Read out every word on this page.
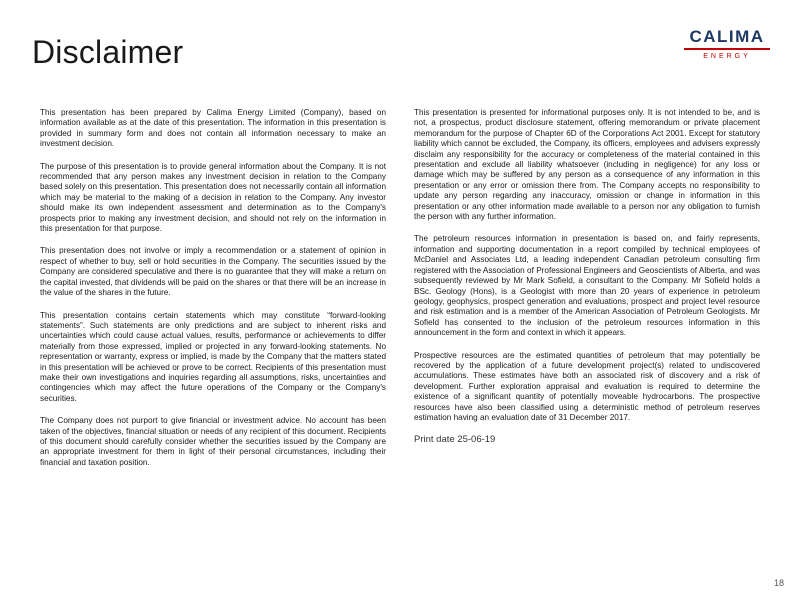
Disclaimer	CALIMA
ENERGY

This presentation has been prepared by Calima Energy Limited (Company), based on information available as at the date of this presentation. The information in this presentation is provided in summary form and does not contain all information necessary to make an investment decision.

The purpose of this presentation is to provide general information about the Company. It is not recommended that any person makes any investment decision in relation to the Company based solely on this presentation. This presentation does not necessarily contain all information which may be material to the making of a decision in relation to the Company. Any investor should make its own independent assessment and determination as to the Company's prospects prior to making any investment decision, and should not rely on the information in this presentation for that purpose.

This presentation does not involve or imply a recommendation or a statement of opinion in respect of whether to buy, sell or hold securities in the Company. The securities issued by the Company are considered speculative and there is no guarantee that they will make a return on the capital invested, that dividends will be paid on the shares or that there will be an increase in the value of the shares in the future.

This presentation contains certain statements which may constitute “forward-looking statements”. Such statements are only predictions and are subject to inherent risks and uncertainties which could cause actual values, results, performance or achievements to differ materially from those expressed, implied or projected in any forward-looking statements. No representation or warranty, express or implied, is made by the Company that the matters stated in this presentation will be achieved or prove to be correct. Recipients of this presentation must make their own investigations and inquiries regarding all assumptions, risks, uncertainties and contingencies which may affect the future operations of the Company or the Company's securities.

The Company does not purport to give financial or investment advice. No account has been taken of the objectives, financial situation or needs of any recipient of this document. Recipients of this document should carefully consider whether the securities issued by the Company are an appropriate investment for them in light of their personal circumstances, including their financial and taxation position.

This presentation is presented for informational purposes only. It is not intended to be, and is not, a prospectus, product disclosure statement, offering memorandum or private placement memorandum for the purpose of Chapter 6D of the Corporations Act 2001. Except for statutory liability which cannot be excluded, the Company, its officers, employees and advisers expressly disclaim any responsibility for the accuracy or completeness of the material contained in this presentation and exclude all liability whatsoever (including in negligence) for any loss or damage which may be suffered by any person as a consequence of any information in this presentation or any error or omission there from. The Company accepts no responsibility to update any person regarding any inaccuracy, omission or change in information in this presentation or any other information made available to a person nor any obligation to furnish the person with any further information.

The petroleum resources information in presentation is based on, and fairly represents, information and supporting documentation in a report compiled by technical employees of McDaniel and Associates Ltd, a leading independent Canadian petroleum consulting firm registered with the Association of Professional Engineers and Geoscientists of Alberta, and was subsequently reviewed by Mr Mark Sofield, a consultant to the Company. Mr Sofield holds a BSc. Geology (Hons), is a Geologist with more than 20 years of experience in petroleum geology, geophysics, prospect generation and evaluations, prospect and project level resource and risk estimation and is a member of the American Association of Petroleum Geologists. Mr Sofield has consented to the inclusion of the petroleum resources information in this announcement in the form and context in which it appears.

Prospective resources are the estimated quantities of petroleum that may potentially be recovered by the application of a future development project(s) related to undiscovered accumulations. These estimates have both an associated risk of discovery and a risk of development. Further exploration appraisal and evaluation is required to determine the existence of a significant quantity of potentially moveable hydrocarbons. The prospective resources have also been classified using a deterministic method of petroleum reserves estimation having an evaluation date of 31 December 2017.

Print date 25-06-19
18
